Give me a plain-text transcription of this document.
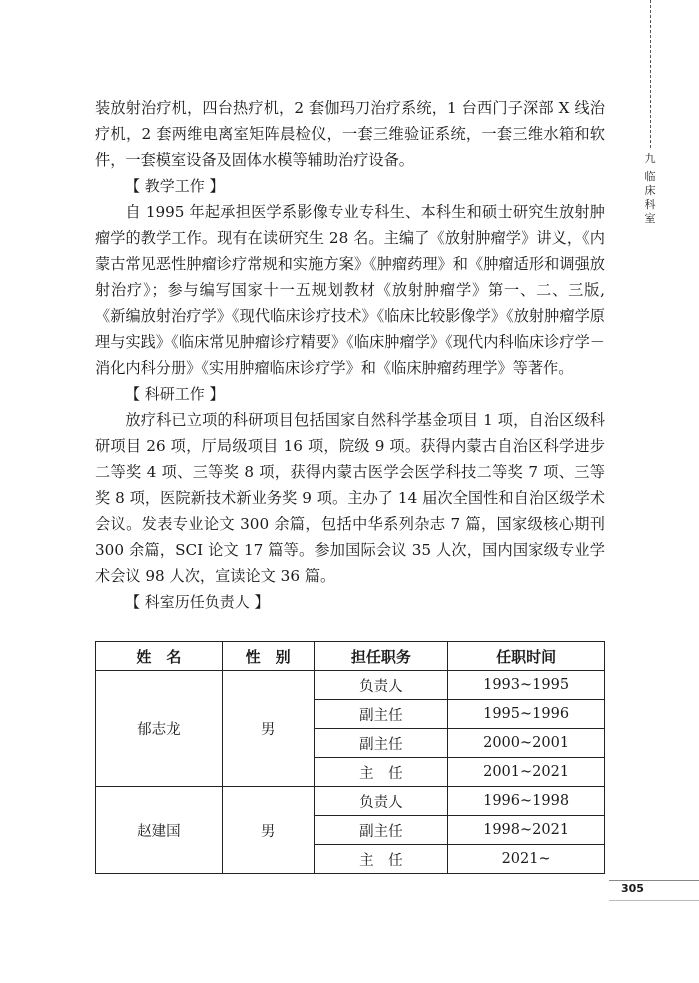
九
临
床
科
室

装放射治疗机，四台热疗机，2 套伽玛刀治疗系统，1 台西门子深部 X 线治疗机，2 套两维电离室矩阵晨检仪，一套三维验证系统，一套三维水箱和软件，一套模室设备及固体水模等辅助治疗设备。

【 教学工作 】

自 1995 年起承担医学系影像专业专科生、本科生和硕士研究生放射肿瘤学的教学工作。现有在读研究生 28 名。主编了《放射肿瘤学》讲义，《内蒙古常见恶性肿瘤诊疗常规和实施方案》《肿瘤药理》和《肿瘤适形和调强放射治疗》；参与编写国家十一五规划教材《放射肿瘤学》第一、二、三版,《新编放射治疗学》《现代临床诊疗技术》《临床比较影像学》《放射肿瘤学原理与实践》《临床常见肿瘤诊疗精要》《临床肿瘤学》《现代内科临床诊疗学－消化内科分册》《实用肿瘤临床诊疗学》和《临床肿瘤药理学》等著作。

【 科研工作 】

放疗科已立项的科研项目包括国家自然科学基金项目 1 项，自治区级科研项目 26 项，厅局级项目 16 项，院级 9 项。获得内蒙古自治区科学进步二等奖 4 项、三等奖 8 项，获得内蒙古医学会医学科技二等奖 7 项、三等奖 8 项，医院新技术新业务奖 9 项。主办了 14 届次全国性和自治区级学术会议。发表专业论文 300 余篇，包括中华系列杂志 7 篇，国家级核心期刊 300 余篇，SCI 论文 17 篇等。参加国际会议 35 人次，国内国家级专业学术会议 98 人次，宣读论文 36 篇。

【 科室历任负责人 】

姓　名	性　别	担任职务	任职时间
郁志龙	男	负责人	1993~1995
		副主任	1995~1996
		副主任	2000~2001
		主　任	2001~2021
赵建国	男	负责人	1996~1998
		副主任	1998~2021
		主　任	2021~
305
